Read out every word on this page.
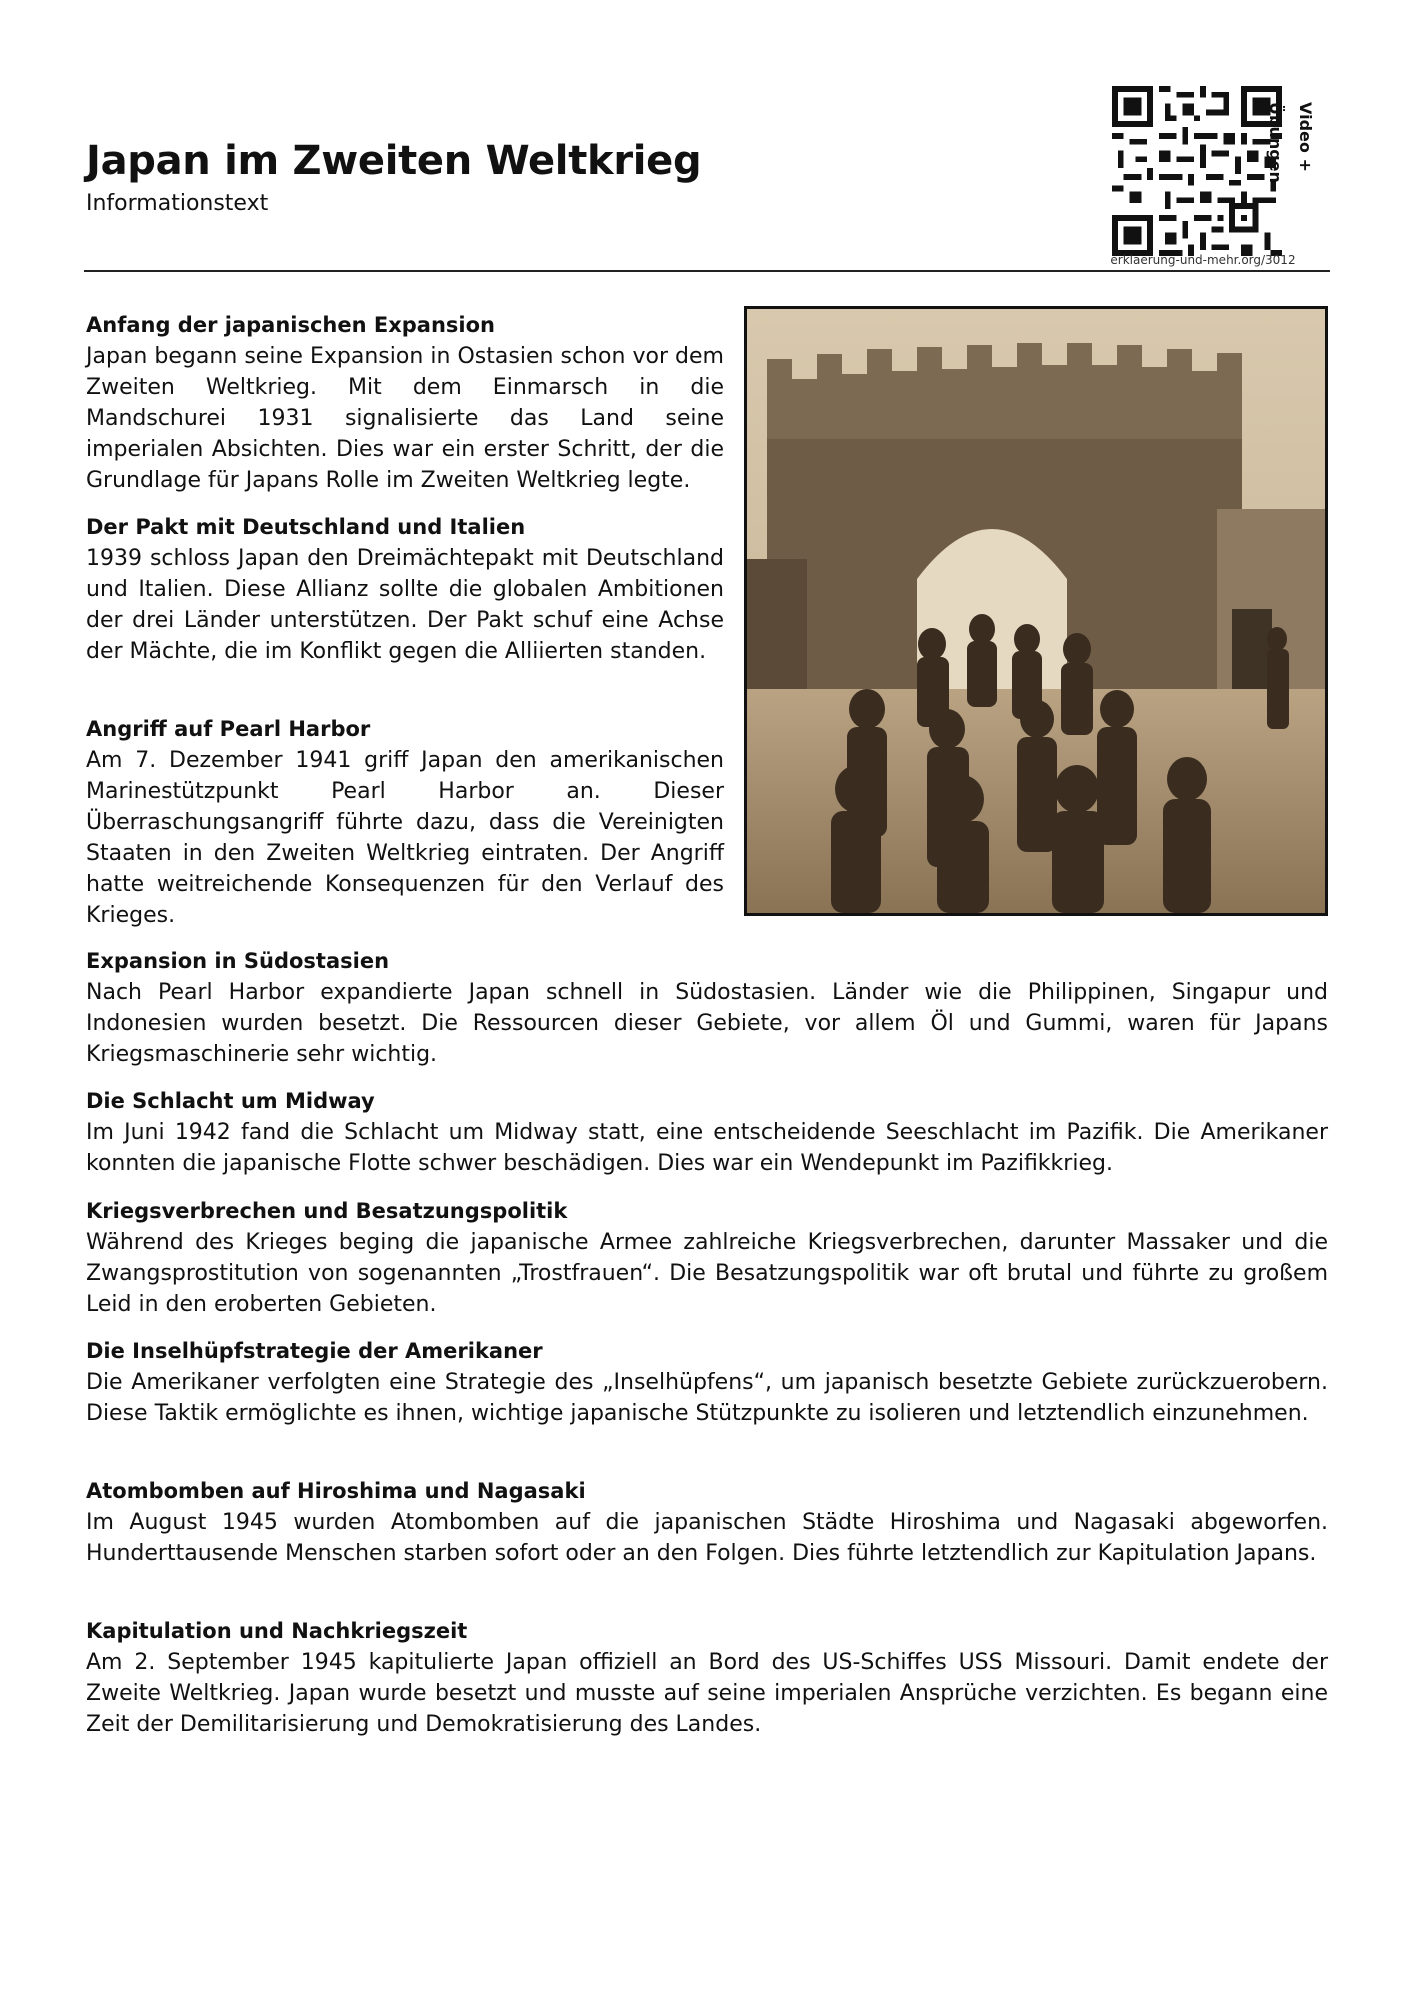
Japan im Zweiten Weltkrieg
Informationstext
Video + Übungen
erklaerung-und-mehr.org/3012
Anfang der japanischen Expansion

Japan begann seine Expansion in Ostasien schon vor dem Zweiten Weltkrieg. Mit dem Einmarsch in die Mandschurei 1931 signalisierte das Land seine imperialen Absichten. Dies war ein erster Schritt, der die Grundlage für Japans Rolle im Zweiten Weltkrieg legte.

Der Pakt mit Deutschland und Italien

1939 schloss Japan den Dreimächtepakt mit Deutschland und Italien. Diese Allianz sollte die globalen Ambitionen der drei Länder unterstützen. Der Pakt schuf eine Achse der Mächte, die im Konflikt gegen die Alliierten standen.

Angriff auf Pearl Harbor

Am 7. Dezember 1941 griff Japan den amerikanischen Marinestützpunkt Pearl Harbor an. Dieser Überraschungsangriff führte dazu, dass die Vereinigten Staaten in den Zweiten Weltkrieg eintraten. Der Angriff hatte weitreichende Konsequenzen für den Verlauf des Krieges.

Expansion in Südostasien

Nach Pearl Harbor expandierte Japan schnell in Südostasien. Länder wie die Philippinen, Singapur und Indonesien wurden besetzt. Die Ressourcen dieser Gebiete, vor allem Öl und Gummi, waren für Japans Kriegsmaschinerie sehr wichtig.

Die Schlacht um Midway

Im Juni 1942 fand die Schlacht um Midway statt, eine entscheidende Seeschlacht im Pazifik. Die Amerikaner konnten die japanische Flotte schwer beschädigen. Dies war ein Wendepunkt im Pazifikkrieg.

Kriegsverbrechen und Besatzungspolitik

Während des Krieges beging die japanische Armee zahlreiche Kriegsverbrechen, darunter Massaker und die Zwangsprostitution von sogenannten „Trostfrauen“. Die Besatzungspolitik war oft brutal und führte zu großem Leid in den eroberten Gebieten.

Die Inselhüpfstrategie der Amerikaner

Die Amerikaner verfolgten eine Strategie des „Inselhüpfens“, um japanisch besetzte Gebiete zurückzuerobern. Diese Taktik ermöglichte es ihnen, wichtige japanische Stützpunkte zu isolieren und letztendlich einzunehmen.

Atombomben auf Hiroshima und Nagasaki

Im August 1945 wurden Atombomben auf die japanischen Städte Hiroshima und Nagasaki abgeworfen. Hunderttausende Menschen starben sofort oder an den Folgen. Dies führte letztendlich zur Kapitulation Japans.

Kapitulation und Nachkriegszeit

Am 2. September 1945 kapitulierte Japan offiziell an Bord des US-Schiffes USS Missouri. Damit endete der Zweite Weltkrieg. Japan wurde besetzt und musste auf seine imperialen Ansprüche verzichten. Es begann eine Zeit der Demilitarisierung und Demokratisierung des Landes.
